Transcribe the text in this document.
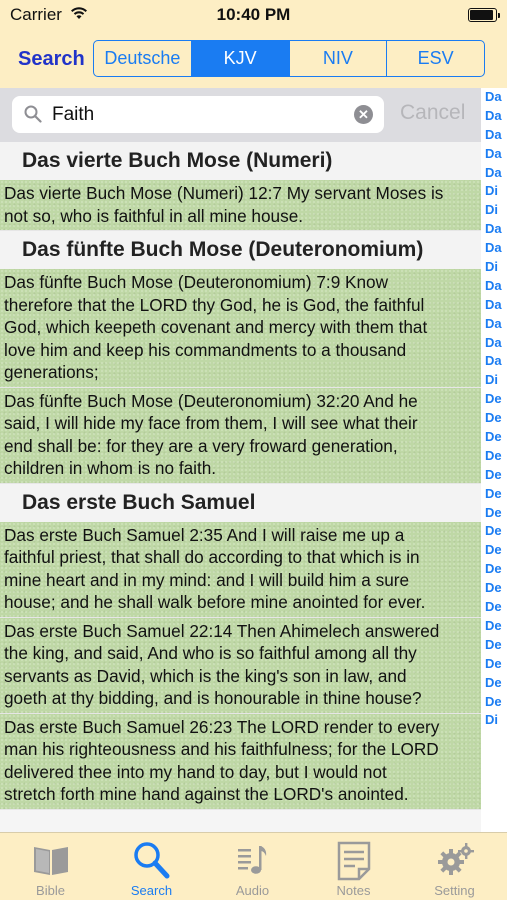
Carrier	10:40 PM
Search	Deutsche	KJV	NIV	ESV
Faith	✕ Cancel
Da
Da
Da
Da
Da
Di
Di
Da
Da
Di
Da
Da
Da
Da
Da
Di
De
De
De
De
De
De
De
De
De
De
De
De
De
De
De
De
De
Di
Das vierte Buch Mose (Numeri)
Das vierte Buch Mose (Numeri) 12:7 My servant Moses is
not so, who is faithful in all mine house.
Das fünfte Buch Mose (Deuteronomium)
Das fünfte Buch Mose (Deuteronomium) 7:9 Know
therefore that the LORD thy God, he is God, the faithful
God, which keepeth covenant and mercy with them that
love him and keep his commandments to a thousand
generations;
Das fünfte Buch Mose (Deuteronomium) 32:20 And he
said, I will hide my face from them, I will see what their
end shall be: for they are a very froward generation,
children in whom is no faith.
Das erste Buch Samuel
Das erste Buch Samuel 2:35 And I will raise me up a
faithful priest, that shall do according to that which is in
mine heart and in my mind: and I will build him a sure
house; and he shall walk before mine anointed for ever.
Das erste Buch Samuel 22:14 Then Ahimelech answered
the king, and said, And who is so faithful among all thy
servants as David, which is the king's son in law, and
goeth at thy bidding, and is honourable in thine house?
Das erste Buch Samuel 26:23 The LORD render to every
man his righteousness and his faithfulness; for the LORD
delivered thee into my hand to day, but I would not
stretch forth mine hand against the LORD's anointed.
Bible	Search	Audio	Notes	Setting
